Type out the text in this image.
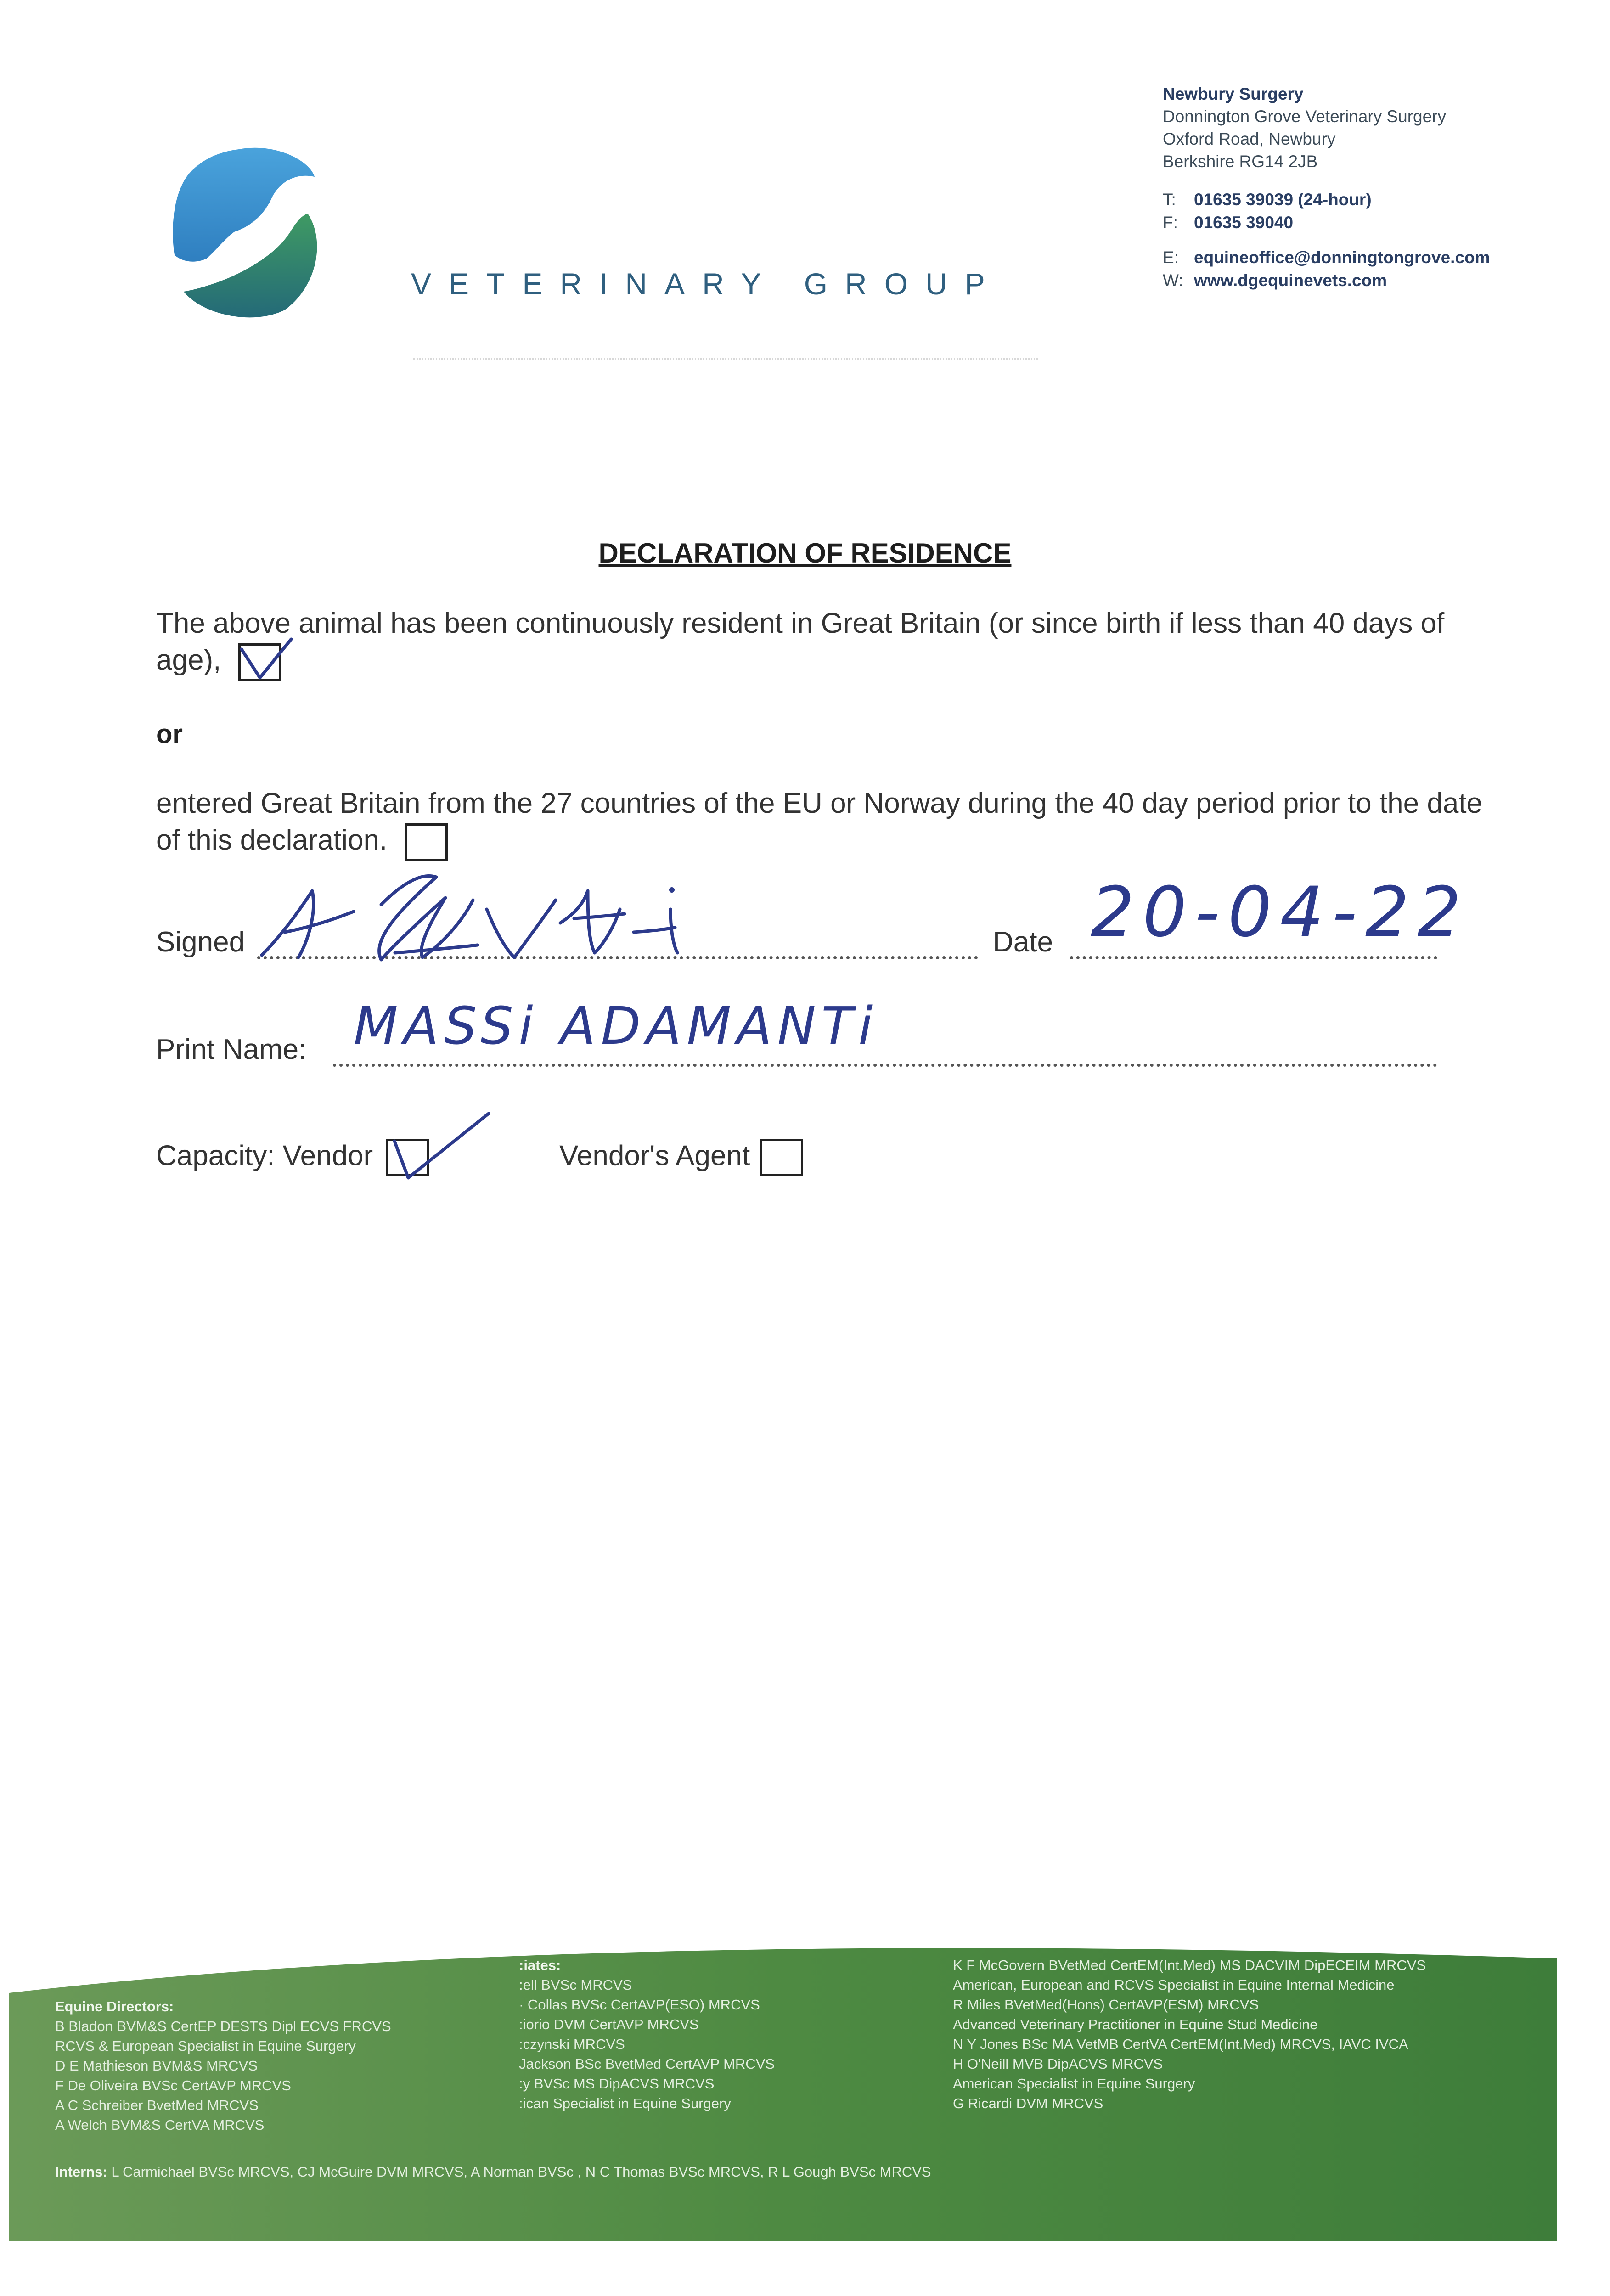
VETERINARY GROUP
Newbury Surgery
Donnington Grove Veterinary Surgery
Oxford Road, Newbury
Berkshire RG14 2JB
T: 01635 39039 (24-hour)
F: 01635 39040
E: equineoffice@donningtongrove.com
W: www.dgequinevets.com
DECLARATION OF RESIDENCE
The above animal has been continuously resident in Great Britain (or since birth if less than 40 days of age),
or
entered Great Britain from the 27 countries of the EU or Norway during the 40 day period prior to the date of this declaration.
Signed	Date 20-04-22
Print Name: MASSi ADAMANTi
Capacity: Vendor	Vendor's Agent
Equine Directors:
B Bladon BVM&S CertEP DESTS Dipl ECVS FRCVS
RCVS & European Specialist in Equine Surgery
D E Mathieson BVM&S MRCVS
F De Oliveira BVSc CertAVP MRCVS
A C Schreiber BvetMed MRCVS
A Welch BVM&S CertVA MRCVS
:iates:
:ell BVSc MRCVS
· Collas BVSc CertAVP(ESO) MRCVS
:iorio DVM CertAVP MRCVS
:czynski MRCVS
Jackson BSc BvetMed CertAVP MRCVS
:y BVSc MS DipACVS MRCVS
:ican Specialist in Equine Surgery
K F McGovern BVetMed CertEM(Int.Med) MS DACVIM DipECEIM MRCVS
American, European and RCVS Specialist in Equine Internal Medicine
R Miles BVetMed(Hons) CertAVP(ESM) MRCVS
Advanced Veterinary Practitioner in Equine Stud Medicine
N Y Jones BSc MA VetMB CertVA CertEM(Int.Med) MRCVS, IAVC IVCA
H O'Neill MVB DipACVS MRCVS
American Specialist in Equine Surgery
G Ricardi DVM MRCVS
Interns: L Carmichael BVSc MRCVS, CJ McGuire DVM MRCVS, A Norman BVSc , N C Thomas BVSc MRCVS, R L Gough BVSc MRCVS
